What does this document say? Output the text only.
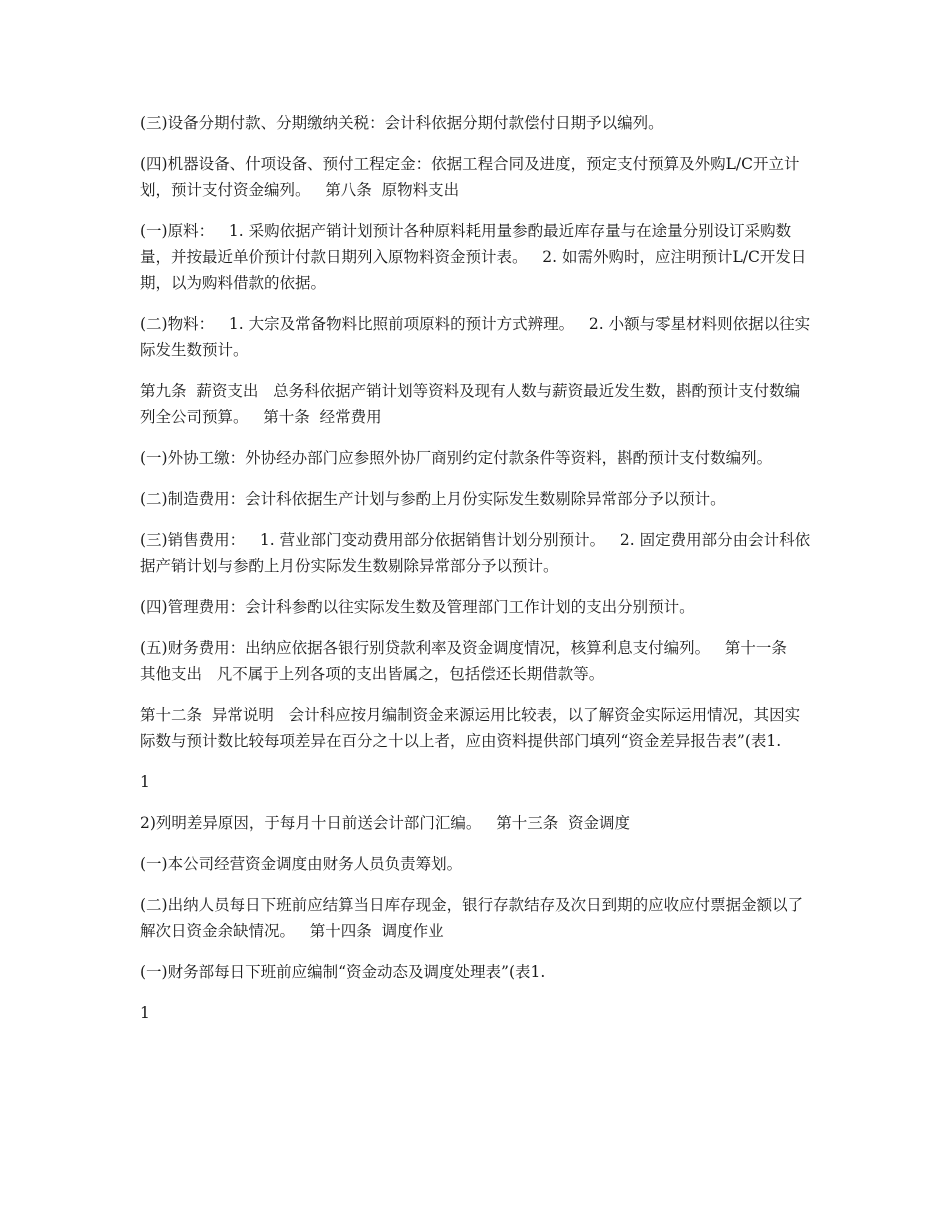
(三)设备分期付款、分期缴纳关税：会计科依据分期付款偿付日期予以编列。

(四)机器设备、什项设备、预付工程定金：依据工程合同及进度，预定支付预算及外购L/C开立计划，预计支付资金编列。   第八条  原物料支出

(一)原料：   1. 采购依据产销计划预计各种原料耗用量参酌最近库存量与在途量分别设订采购数量，并按最近单价预计付款日期列入原物料资金预计表。   2. 如需外购时，应注明预计L/C开发日期，以为购料借款的依据。

(二)物料：   1. 大宗及常备物料比照前项原料的预计方式辨理。   2. 小额与零星材料则依据以往实际发生数预计。

第九条  薪资支出   总务科依据产销计划等资料及现有人数与薪资最近发生数，斟酌预计支付数编列全公司预算。   第十条  经常费用

(一)外协工缴：外协经办部门应参照外协厂商别约定付款条件等资料，斟酌预计支付数编列。

(二)制造费用：会计科依据生产计划与参酌上月份实际发生数剔除异常部分予以预计。

(三)销售费用：   1. 营业部门变动费用部分依据销售计划分别预计。   2. 固定费用部分由会计科依据产销计划与参酌上月份实际发生数剔除异常部分予以预计。

(四)管理费用：会计科参酌以往实际发生数及管理部门工作计划的支出分别预计。

(五)财务费用：出纳应依据各银行别贷款利率及资金调度情况，核算利息支付编列。   第十一条  其他支出   凡不属于上列各项的支出皆属之，包括偿还长期借款等。

第十二条  异常说明   会计科应按月编制资金来源运用比较表，以了解资金实际运用情况，其因实际数与预计数比较每项差异在百分之十以上者，应由资料提供部门填列“资金差异报告表”(表1.

1

2)列明差异原因，于每月十日前送会计部门汇编。   第十三条  资金调度

(一)本公司经营资金调度由财务人员负责筹划。

(二)出纳人员每日下班前应结算当日库存现金，银行存款结存及次日到期的应收应付票据金额以了解次日资金余缺情况。   第十四条  调度作业

(一)财务部每日下班前应编制“资金动态及调度处理表”(表1.

1
